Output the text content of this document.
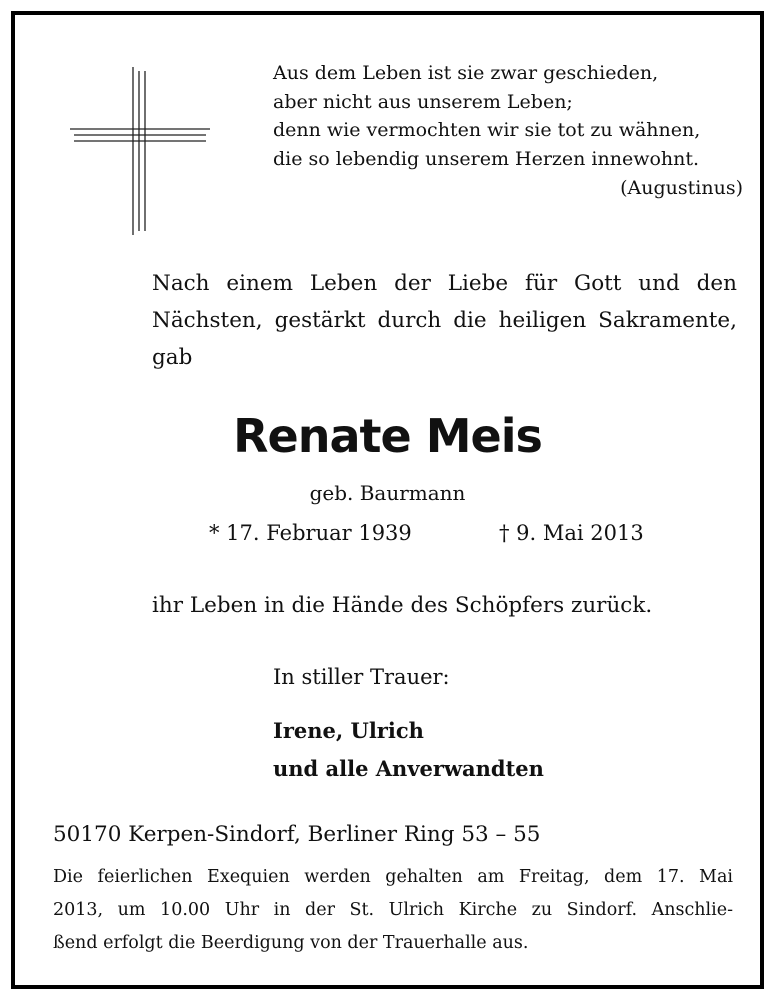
Aus dem Leben ist sie zwar geschieden,
aber nicht aus unserem Leben;
denn wie vermochten wir sie tot zu wähnen,
die so lebendig unserem Herzen innewohnt.
(Augustinus)
Nach einem Leben der Liebe für Gott und den
Nächsten, gestärkt durch die heiligen Sakramente,
gab
Renate Meis
geb. Baurmann
* 17. Februar 1939	† 9. Mai 2013
ihr Leben in die Hände des Schöpfers zurück.
In stiller Trauer:
Irene, Ulrich
und alle Anverwandten
50170 Kerpen-Sindorf, Berliner Ring 53 – 55
Die feierlichen Exequien werden gehalten am Freitag, dem 17. Mai
2013, um 10.00 Uhr in der St. Ulrich Kirche zu Sindorf. Anschlie-
ßend erfolgt die Beerdigung von der Trauerhalle aus.
